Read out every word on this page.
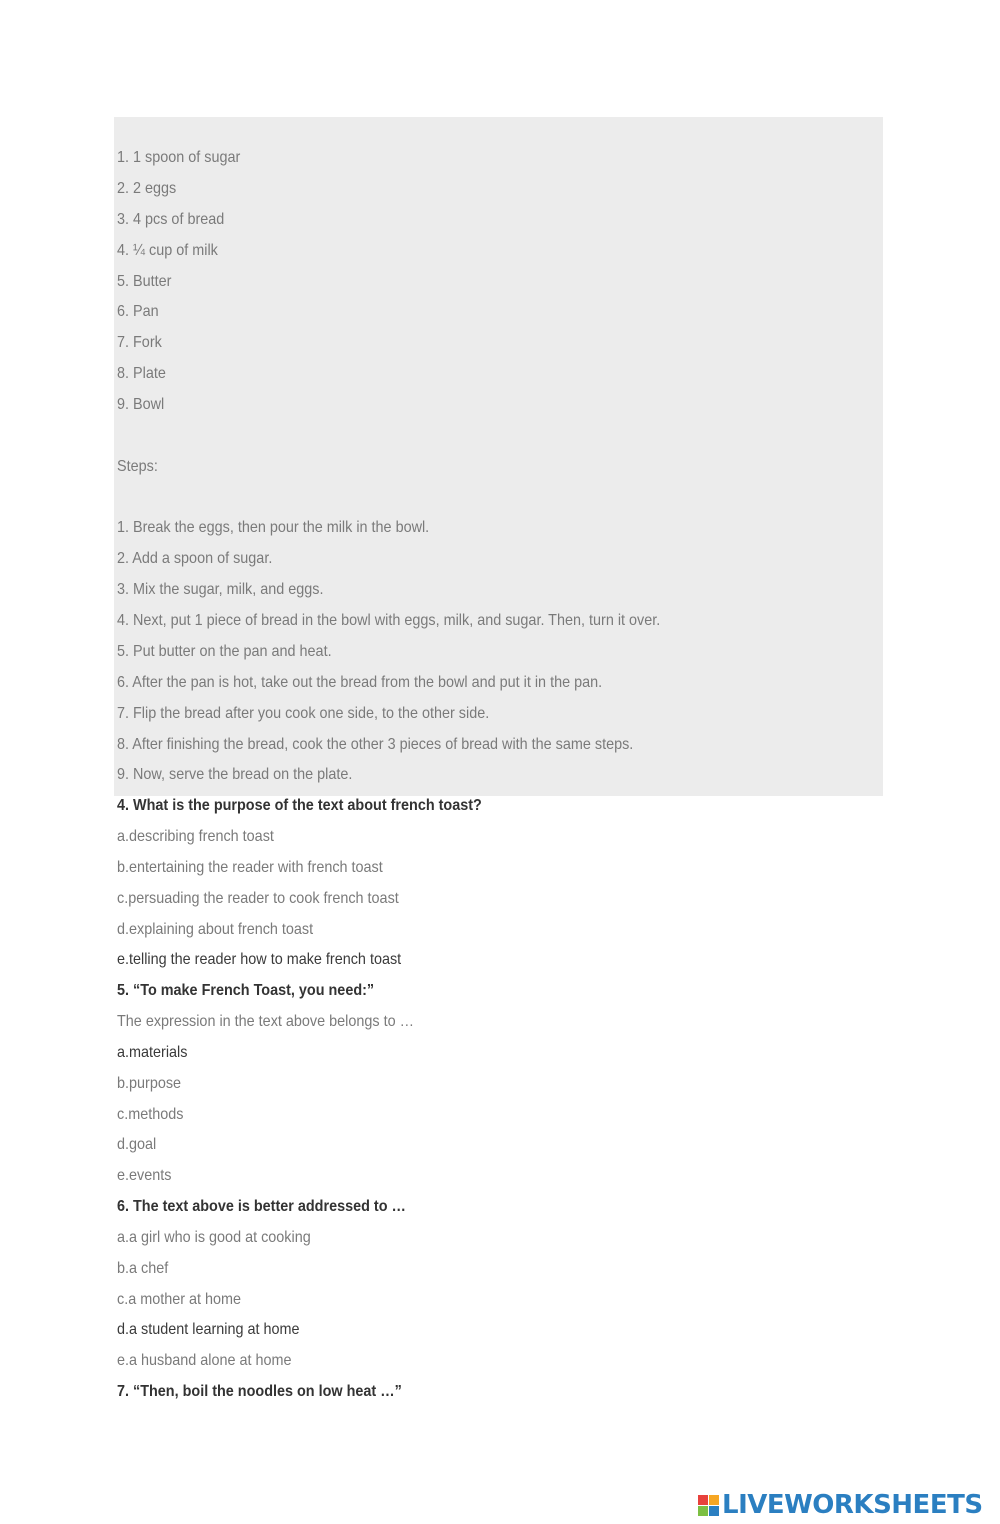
1. 1 spoon of sugar
2. 2 eggs
3. 4 pcs of bread
4. ¼ cup of milk
5. Butter
6. Pan
7. Fork
8. Plate
9. Bowl
Steps:
1. Break the eggs, then pour the milk in the bowl.
2. Add a spoon of sugar.
3. Mix the sugar, milk, and eggs.
4. Next, put 1 piece of bread in the bowl with eggs, milk, and sugar. Then, turn it over.
5. Put butter on the pan and heat.
6. After the pan is hot, take out the bread from the bowl and put it in the pan.
7. Flip the bread after you cook one side, to the other side.
8. After finishing the bread, cook the other 3 pieces of bread with the same steps.
9. Now, serve the bread on the plate.
4. What is the purpose of the text about french toast?
a.describing french toast
b.entertaining the reader with french toast
c.persuading the reader to cook french toast
d.explaining about french toast
e.telling the reader how to make french toast
5. “To make French Toast, you need:”
The expression in the text above belongs to …
a.materials
b.purpose
c.methods
d.goal
e.events
6. The text above is better addressed to …
a.a girl who is good at cooking
b.a chef
c.a mother at home
d.a student learning at home
e.a husband alone at home
7. “Then, boil the noodles on low heat …”
LIVEWORKSHEETS
